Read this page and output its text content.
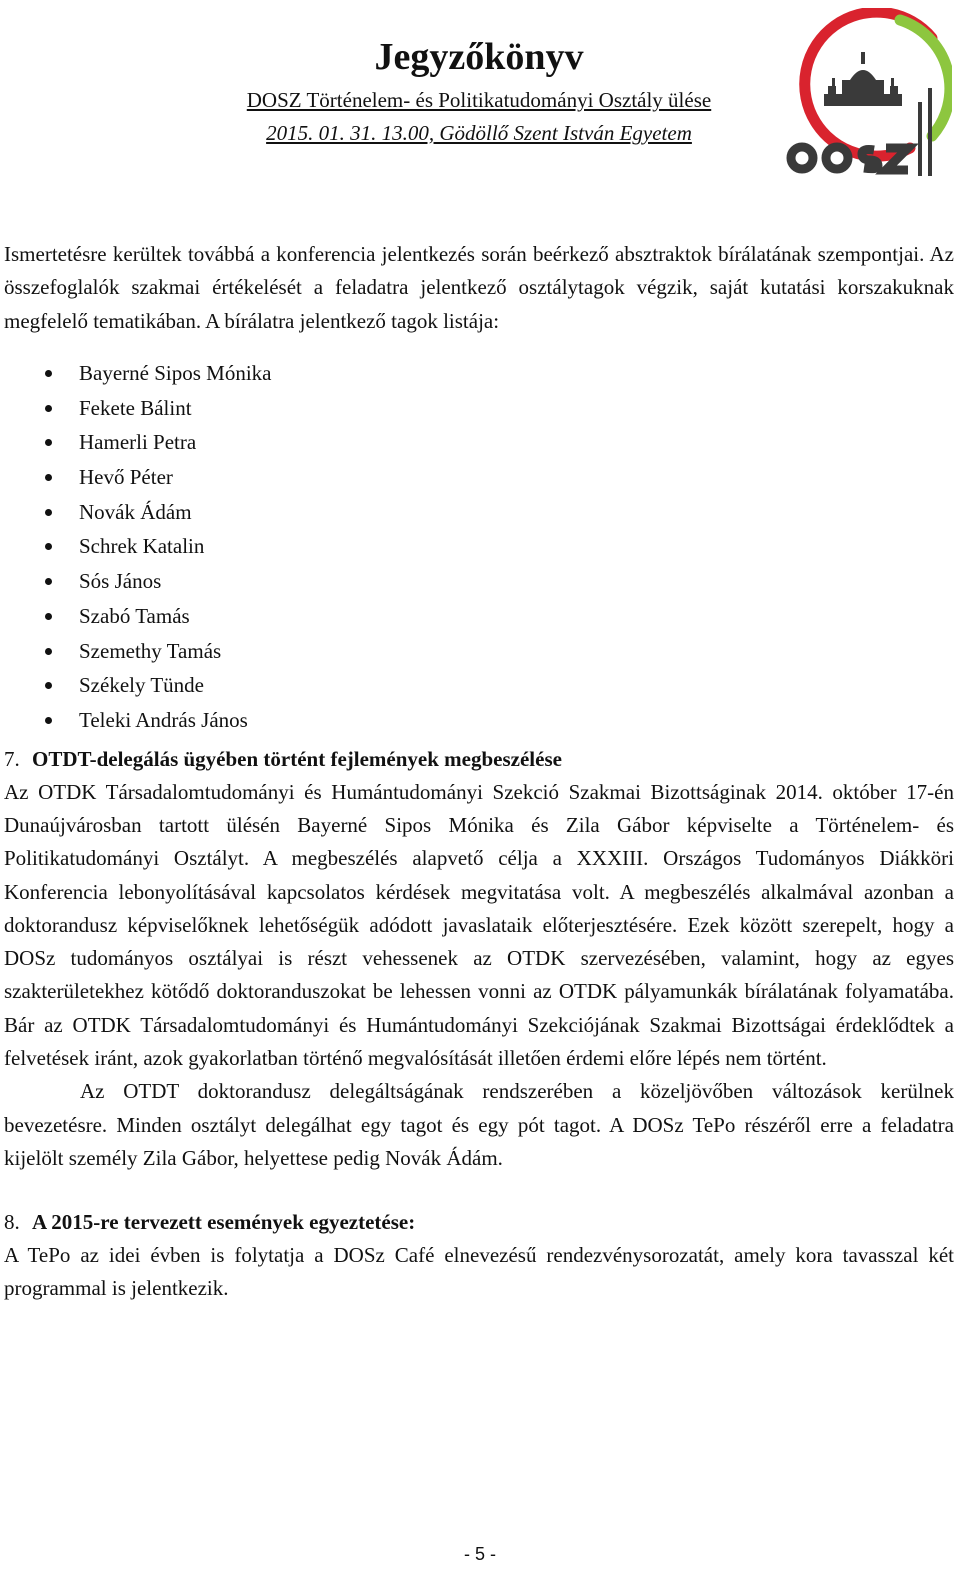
Jegyzőkönyv
DOSZ Történelem- és Politikatudományi Osztály ülése
2015. 01. 31. 13.00, Gödöllő Szent István Egyetem

Ismertetésre kerültek továbbá a konferencia jelentkezés során beérkező absztraktok bírálatának szempontjai. Az összefoglalók szakmai értékelését a feladatra jelentkező osztálytagok végzik, saját kutatási korszakuknak megfelelő tematikában. A bírálatra jelentkező tagok listája:

Bayerné Sipos Mónika
Fekete Bálint
Hamerli Petra
Hevő Péter
Novák Ádám
Schrek Katalin
Sós János
Szabó Tamás
Szemethy Tamás
Székely Tünde
Teleki András János
7. OTDT-delegálás ügyében történt fejlemények megbeszélése

Az OTDK Társadalomtudományi és Humántudományi Szekció Szakmai Bizottságinak 2014. október 17-én Dunaújvárosban tartott ülésén Bayerné Sipos Mónika és Zila Gábor képviselte a Történelem- és Politikatudományi Osztályt. A megbeszélés alapvető célja a XXXIII. Országos Tudományos Diákköri Konferencia lebonyolításával kapcsolatos kérdések megvitatása volt. A megbeszélés alkalmával azonban a doktorandusz képviselőknek lehetőségük adódott javaslataik előterjesztésére. Ezek között szerepelt, hogy a DOSz tudományos osztályai is részt vehessenek az OTDK szervezésében, valamint, hogy az egyes szakterületekhez kötődő doktoranduszokat be lehessen vonni az OTDK pályamunkák bírálatának folyamatába. Bár az OTDK Társadalomtudományi és Humántudományi Szekciójának Szakmai Bizottságai érdeklődtek a felvetések iránt, azok gyakorlatban történő megvalósítását illetően érdemi előre lépés nem történt.

Az OTDT doktorandusz delegáltságának rendszerében a közeljövőben változások kerülnek bevezetésre. Minden osztályt delegálhat egy tagot és egy pót tagot. A DOSz TePo részéről erre a feladatra kijelölt személy Zila Gábor, helyettese pedig Novák Ádám.

8. A 2015-re tervezett események egyeztetése:

A TePo az idei évben is folytatja a DOSz Café elnevezésű rendezvénysorozatát, amely kora tavasszal két programmal is jelentkezik.

- 5 -
